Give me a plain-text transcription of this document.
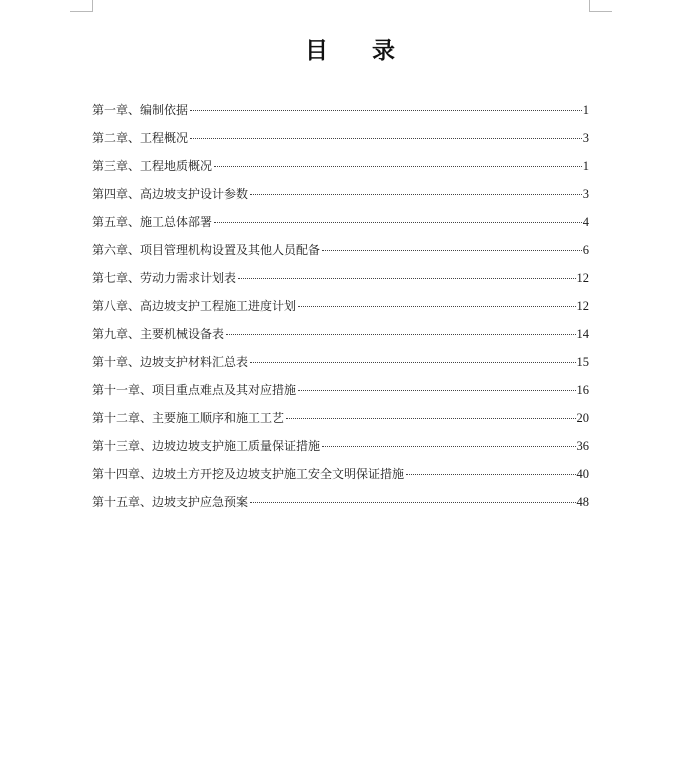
目 录
第一章、编制依据	1
第二章、工程概况	3
第三章、工程地质概况	1
第四章、高边坡支护设计参数	3
第五章、施工总体部署	4
第六章、项目管理机构设置及其他人员配备	6
第七章、劳动力需求计划表	12
第八章、高边坡支护工程施工进度计划	12
第九章、主要机械设备表	14
第十章、边坡支护材料汇总表	15
第十一章、项目重点难点及其对应措施	16
第十二章、主要施工顺序和施工工艺	20
第十三章、边坡边坡支护施工质量保证措施	36
第十四章、边坡土方开挖及边坡支护施工安全文明保证措施	40
第十五章、边坡支护应急预案	48
